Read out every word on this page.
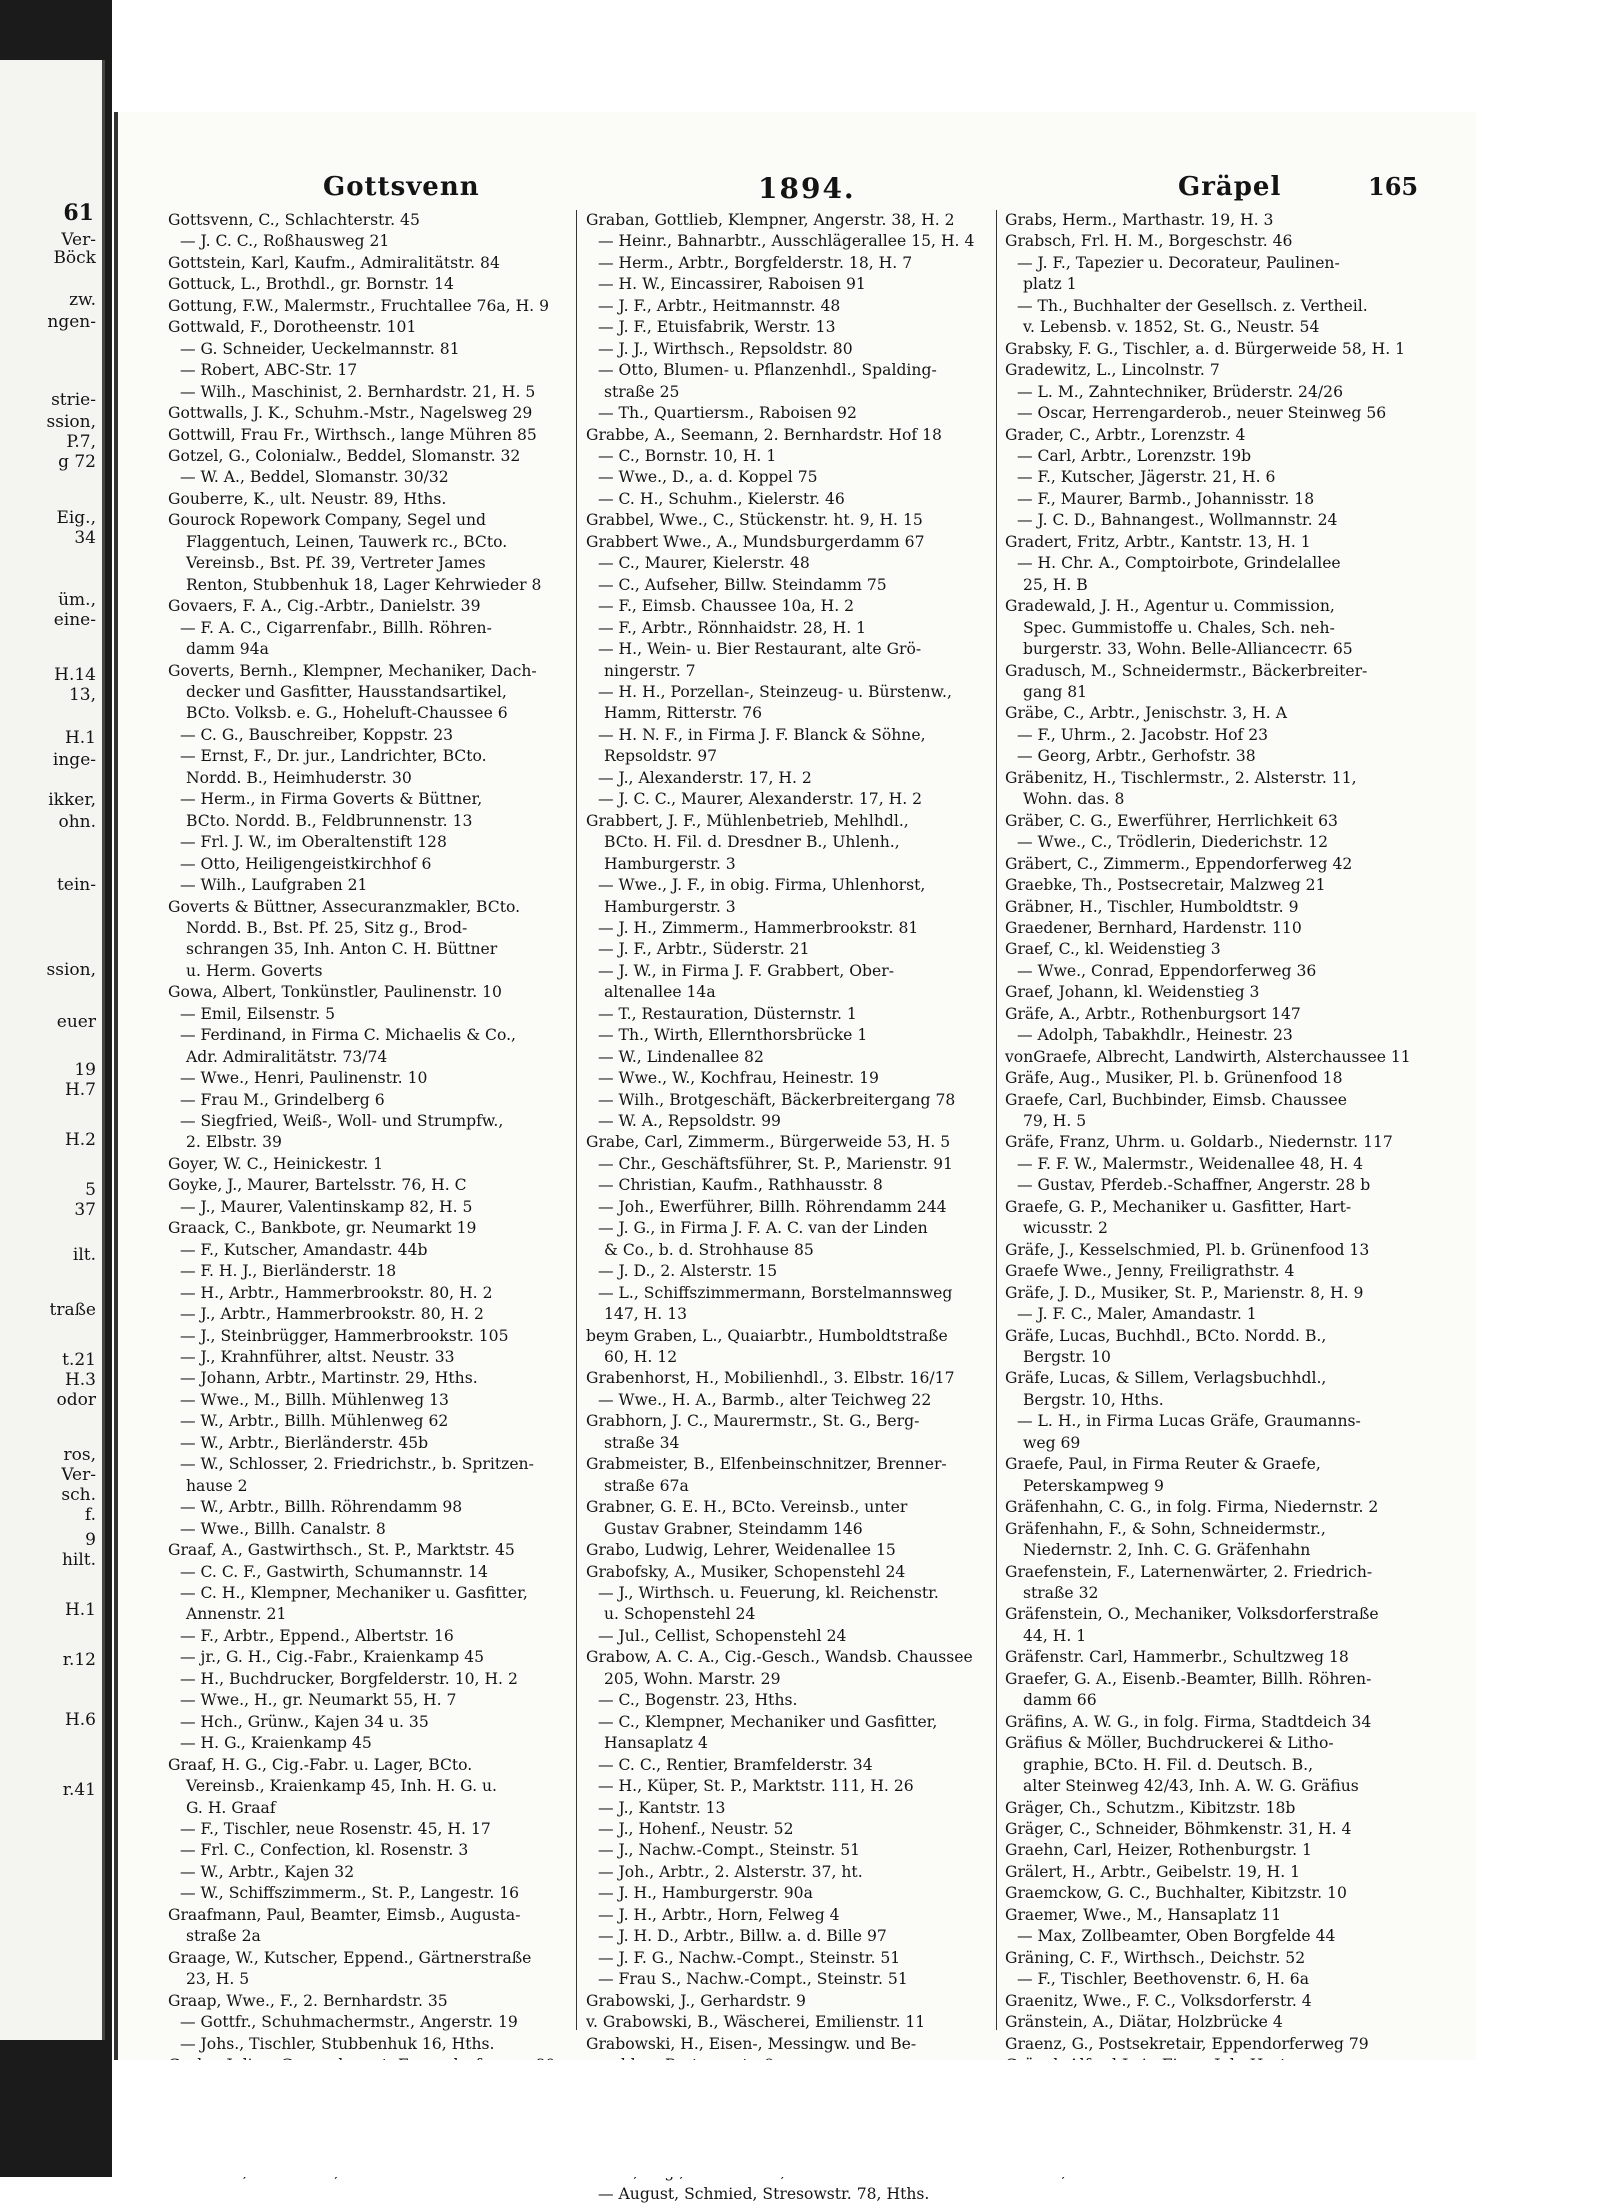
61
Ver-
Böck
zw.
ngen-
strie-
ssion,
P.7,
g 72
Eig.,
34
üm.,
eine-
H.14
13,
H.1
inge-
ikker,
ohn.
tein-
ssion,
euer
19
H.7
H.2
5
37
ilt.
traße
t.21
H.3
odor
ros,
Ver-
sch.
f.
9
hilt.
H.1
r.12
H.6
r.41
Gottsvenn	1894.	Gräpel	165
Gottsvenn, C., Schlachterstr. 45
— J. C. C., Roßhausweg 21
Gottstein, Karl, Kaufm., Admiralitätstr. 84
Gottuck, L., Brothdl., gr. Bornstr. 14
Gottung, F.W., Malermstr., Fruchtallee 76a, H. 9
Gottwald, F., Dorotheenstr. 101
— G. Schneider, Ueckelmannstr. 81
— Robert, ABC-Str. 17
— Wilh., Maschinist, 2. Bernhardstr. 21, H. 5
Gottwalls, J. K., Schuhm.-Mstr., Nagelsweg 29
Gottwill, Frau Fr., Wirthsch., lange Mühren 85
Gotzel, G., Colonialw., Beddel, Slomanstr. 32
— W. A., Beddel, Slomanstr. 30/32
Gouberre, K., ult. Neustr. 89, Hths.
Gourock Ropework Company, Segel und
Flaggentuch, Leinen, Tauwerk rc., BCto.
Vereinsb., Bst. Pf. 39, Vertreter James
Renton, Stubbenhuk 18, Lager Kehrwieder 8
Govaers, F. A., Cig.-Arbtr., Danielstr. 39
— F. A. C., Cigarrenfabr., Billh. Röhren-
damm 94a
Goverts, Bernh., Klempner, Mechaniker, Dach-
decker und Gasfitter, Hausstandsartikel,
BCto. Volksb. e. G., Hoheluft-Chaussee 6
— C. G., Bauschreiber, Koppstr. 23
— Ernst, F., Dr. jur., Landrichter, BCto.
Nordd. B., Heimhuderstr. 30
— Herm., in Firma Goverts & Büttner,
BCto. Nordd. B., Feldbrunnenstr. 13
— Frl. J. W., im Oberaltenstift 128
— Otto, Heiligengeistkirchhof 6
— Wilh., Laufgraben 21
Goverts & Büttner, Assecuranzmakler, BCto.
Nordd. B., Bst. Pf. 25, Sitz g., Brod-
schrangen 35, Inh. Anton C. H. Büttner
u. Herm. Goverts
Gowa, Albert, Tonkünstler, Paulinenstr. 10
— Emil, Eilsenstr. 5
— Ferdinand, in Firma C. Michaelis & Co.,
Adr. Admiralitätstr. 73/74
— Wwe., Henri, Paulinenstr. 10
— Frau M., Grindelberg 6
— Siegfried, Weiß-, Woll- und Strumpfw.,
2. Elbstr. 39
Goyer, W. C., Heinickestr. 1
Goyke, J., Maurer, Bartelsstr. 76, H. C
— J., Maurer, Valentinskamp 82, H. 5
Graack, C., Bankbote, gr. Neumarkt 19
— F., Kutscher, Amandastr. 44b
— F. H. J., Bierländerstr. 18
— H., Arbtr., Hammerbrookstr. 80, H. 2
— J., Arbtr., Hammerbrookstr. 80, H. 2
— J., Steinbrügger, Hammerbrookstr. 105
— J., Krahnführer, altst. Neustr. 33
— Johann, Arbtr., Martinstr. 29, Hths.
— Wwe., M., Billh. Mühlenweg 13
— W., Arbtr., Billh. Mühlenweg 62
— W., Arbtr., Bierländerstr. 45b
— W., Schlosser, 2. Friedrichstr., b. Spritzen-
hause 2
— W., Arbtr., Billh. Röhrendamm 98
— Wwe., Billh. Canalstr. 8
Graaf, A., Gastwirthsch., St. P., Marktstr. 45
— C. C. F., Gastwirth, Schumannstr. 14
— C. H., Klempner, Mechaniker u. Gasfitter,
Annenstr. 21
— F., Arbtr., Eppend., Albertstr. 16
— jr., G. H., Cig.-Fabr., Kraienkamp 45
— H., Buchdrucker, Borgfelderstr. 10, H. 2
— Wwe., H., gr. Neumarkt 55, H. 7
— Hch., Grünw., Kajen 34 u. 35
— H. G., Kraienkamp 45
Graaf, H. G., Cig.-Fabr. u. Lager, BCto.
Vereinsb., Kraienkamp 45, Inh. H. G. u.
G. H. Graaf
— F., Tischler, neue Rosenstr. 45, H. 17
— Frl. C., Confection, kl. Rosenstr. 3
— W., Arbtr., Kajen 32
— W., Schiffszimmerm., St. P., Langestr. 16
Graafmann, Paul, Beamter, Eimsb., Augusta-
straße 2a
Graage, W., Kutscher, Eppend., Gärtnerstraße
23, H. 5
Graap, Wwe., F., 2. Bernhardstr. 35
— Gottfr., Schuhmachermstr., Angerstr. 19
— Johs., Tischler, Stubbenhuk 16, Hths.
Graban, Gottlieb, Klempner, Angerstr. 38, H. 2
— Heinr., Bahnarbtr., Ausschlägerallee 15, H. 4
— Herm., Arbtr., Borgfelderstr. 18, H. 7
— H. W., Eincassirer, Raboisen 91
— J. F., Arbtr., Heitmannstr. 48
— J. F., Etuisfabrik, Werstr. 13
— J. J., Wirthsch., Repsoldstr. 80
— Otto, Blumen- u. Pflanzenhdl., Spalding-
straße 25
— Th., Quartiersm., Raboisen 92
Grabbe, A., Seemann, 2. Bernhardstr. Hof 18
— C., Bornstr. 10, H. 1
— Wwe., D., a. d. Koppel 75
— C. H., Schuhm., Kielerstr. 46
Grabbel, Wwe., C., Stückenstr. ht. 9, H. 15
Grabbert Wwe., A., Mundsburgerdamm 67
— C., Maurer, Kielerstr. 48
— C., Aufseher, Billw. Steindamm 75
— F., Eimsb. Chaussee 10a, H. 2
— F., Arbtr., Rönnhaidstr. 28, H. 1
— H., Wein- u. Bier Restaurant, alte Grö-
ningerstr. 7
— H. H., Porzellan-, Steinzeug- u. Bürstenw.,
Hamm, Ritterstr. 76
— H. N. F., in Firma J. F. Blanck & Söhne,
Repsoldstr. 97
— J., Alexanderstr. 17, H. 2
— J. C. C., Maurer, Alexanderstr. 17, H. 2
Grabbert, J. F., Mühlenbetrieb, Mehlhdl.,
BCto. H. Fil. d. Dresdner B., Uhlenh.,
Hamburgerstr. 3
— Wwe., J. F., in obig. Firma, Uhlenhorst,
Hamburgerstr. 3
— J. H., Zimmerm., Hammerbrookstr. 81
— J. F., Arbtr., Süderstr. 21
— J. W., in Firma J. F. Grabbert, Ober-
altenallee 14a
— T., Restauration, Düsternstr. 1
— Th., Wirth, Ellernthorsbrücke 1
— W., Lindenallee 82
— Wwe., W., Kochfrau, Heinestr. 19
— Wilh., Brotgeschäft, Bäckerbreitergang 78
— W. A., Repsoldstr. 99
Grabe, Carl, Zimmerm., Bürgerweide 53, H. 5
— Chr., Geschäftsführer, St. P., Marienstr. 91
— Christian, Kaufm., Rathhausstr. 8
— Joh., Ewerführer, Billh. Röhrendamm 244
— J. G., in Firma J. F. A. C. van der Linden
& Co., b. d. Strohhause 85
— J. D., 2. Alsterstr. 15
— L., Schiffszimmermann, Borstelmannsweg
147, H. 13
beym Graben, L., Quaiarbtr., Humboldtstraße
60, H. 12
Grabenhorst, H., Mobilienhdl., 3. Elbstr. 16/17
— Wwe., H. A., Barmb., alter Teichweg 22
Grabhorn, J. C., Maurermstr., St. G., Berg-
straße 34
Grabmeister, B., Elfenbeinschnitzer, Brenner-
straße 67a
Grabner, G. E. H., BCto. Vereinsb., unter
Gustav Grabner, Steindamm 146
Grabo, Ludwig, Lehrer, Weidenallee 15
Grabofsky, A., Musiker, Schopenstehl 24
— J., Wirthsch. u. Feuerung, kl. Reichenstr.
u. Schopenstehl 24
— Jul., Cellist, Schopenstehl 24
Grabow, A. C. A., Cig.-Gesch., Wandsb. Chaussee
205, Wohn. Marstr. 29
— C., Bogenstr. 23, Hths.
— C., Klempner, Mechaniker und Gasfitter,
Hansaplatz 4
— C. C., Rentier, Bramfelderstr. 34
— H., Küper, St. P., Marktstr. 111, H. 26
— J., Kantstr. 13
— J., Hohenf., Neustr. 52
— J., Nachw.-Compt., Steinstr. 51
— Joh., Arbtr., 2. Alsterstr. 37, ht.
— J. H., Hamburgerstr. 90a
— J. H., Arbtr., Horn, Felweg 4
— J. H. D., Arbtr., Billw. a. d. Bille 97
— J. F. G., Nachw.-Compt., Steinstr. 51
— Frau S., Nachw.-Compt., Steinstr. 51
Grabowski, J., Gerhardstr. 9
v. Grabowski, B., Wäscherei, Emilienstr. 11
Grabowski, H., Eisen-, Messingw. und Be-
— August, Schmied, Stresowstr. 78, Hths.
Grabs, Herm., Marthastr. 19, H. 3
Grabsch, Frl. H. M., Borgeschstr. 46
— J. F., Tapezier u. Decorateur, Paulinen-
platz 1
— Th., Buchhalter der Gesellsch. z. Vertheil.
v. Lebensb. v. 1852, St. G., Neustr. 54
Grabsky, F. G., Tischler, a. d. Bürgerweide 58, H. 1
Gradewitz, L., Lincolnstr. 7
— L. M., Zahntechniker, Brüderstr. 24/26
— Oscar, Herrengarderob., neuer Steinweg 56
Grader, C., Arbtr., Lorenzstr. 4
— Carl, Arbtr., Lorenzstr. 19b
— F., Kutscher, Jägerstr. 21, H. 6
— F., Maurer, Barmb., Johannisstr. 18
— J. C. D., Bahnangest., Wollmannstr. 24
Gradert, Fritz, Arbtr., Kantstr. 13, H. 1
— H. Chr. A., Comptoirbote, Grindelallee
25, H. B
Gradewald, J. H., Agentur u. Commission,
Spec. Gummistoffe u. Chales, Sch. neh-
burgerstr. 33, Wohn. Belle-Allianceстr. 65
Gradusch, M., Schneidermstr., Bäckerbreiter-
gang 81
Gräbe, C., Arbtr., Jenischstr. 3, H. A
— F., Uhrm., 2. Jacobstr. Hof 23
— Georg, Arbtr., Gerhofstr. 38
Gräbenitz, H., Tischlermstr., 2. Alsterstr. 11,
Wohn. das. 8
Gräber, C. G., Ewerführer, Herrlichkeit 63
— Wwe., C., Trödlerin, Diederichstr. 12
Gräbert, C., Zimmerm., Eppendorferweg 42
Graebke, Th., Postsecretair, Malzweg 21
Gräbner, H., Tischler, Humboldtstr. 9
Graedener, Bernhard, Hardenstr. 110
Graef, C., kl. Weidenstieg 3
— Wwe., Conrad, Eppendorferweg 36
Graef, Johann, kl. Weidenstieg 3
Gräfe, A., Arbtr., Rothenburgsort 147
— Adolph, Tabakhdlr., Heinestr. 23
vonGraefe, Albrecht, Landwirth, Alsterchaussee 11
Gräfe, Aug., Musiker, Pl. b. Grünenfood 18
Graefe, Carl, Buchbinder, Eimsb. Chaussee
79, H. 5
Gräfe, Franz, Uhrm. u. Goldarb., Niedernstr. 117
— F. F. W., Malermstr., Weidenallee 48, H. 4
— Gustav, Pferdeb.-Schaffner, Angerstr. 28 b
Graefe, G. P., Mechaniker u. Gasfitter, Hart-
wicusstr. 2
Gräfe, J., Kesselschmied, Pl. b. Grünenfood 13
Graefe Wwe., Jenny, Freiligrathstr. 4
Gräfe, J. D., Musiker, St. P., Marienstr. 8, H. 9
— J. F. C., Maler, Amandastr. 1
Gräfe, Lucas, Buchhdl., BCto. Nordd. B.,
Bergstr. 10
Gräfe, Lucas, & Sillem, Verlagsbuchhdl.,
Bergstr. 10, Hths.
— L. H., in Firma Lucas Gräfe, Graumanns-
weg 69
Graefe, Paul, in Firma Reuter & Graefe,
Peterskampweg 9
Gräfenhahn, C. G., in folg. Firma, Niedernstr. 2
Gräfenhahn, F., & Sohn, Schneidermstr.,
Niedernstr. 2, Inh. C. G. Gräfenhahn
Graefenstein, F., Laternenwärter, 2. Friedrich-
straße 32
Gräfenstein, O., Mechaniker, Volksdorferstraße
44, H. 1
Gräfenstr. Carl, Hammerbr., Schultzweg 18
Graefer, G. A., Eisenb.-Beamter, Billh. Röhren-
damm 66
Gräfins, A. W. G., in folg. Firma, Stadtdeich 34
Gräfius & Möller, Buchdruckerei & Litho-
graphie, BCto. H. Fil. d. Deutsch. B.,
alter Steinweg 42/43, Inh. A. W. G. Gräfius
Gräger, Ch., Schutzm., Kibitzstr. 18b
Gräger, C., Schneider, Böhmkenstr. 31, H. 4
Graehn, Carl, Heizer, Rothenburgstr. 1
Grälert, H., Arbtr., Geibelstr. 19, H. 1
Graemckow, G. C., Buchhalter, Kibitzstr. 10
Graemer, Wwe., M., Hansaplatz 11
— Max, Zollbeamter, Oben Borgfelde 44
Gräning, C. F., Wirthsch., Deichstr. 52
— F., Tischler, Beethovenstr. 6, H. 6a
Graenitz, Wwe., F. C., Volksdorferstr. 4
Gränstein, A., Diätar, Holzbrücke 4
Graenz, G., Postsekretair, Eppendorferweg 79
